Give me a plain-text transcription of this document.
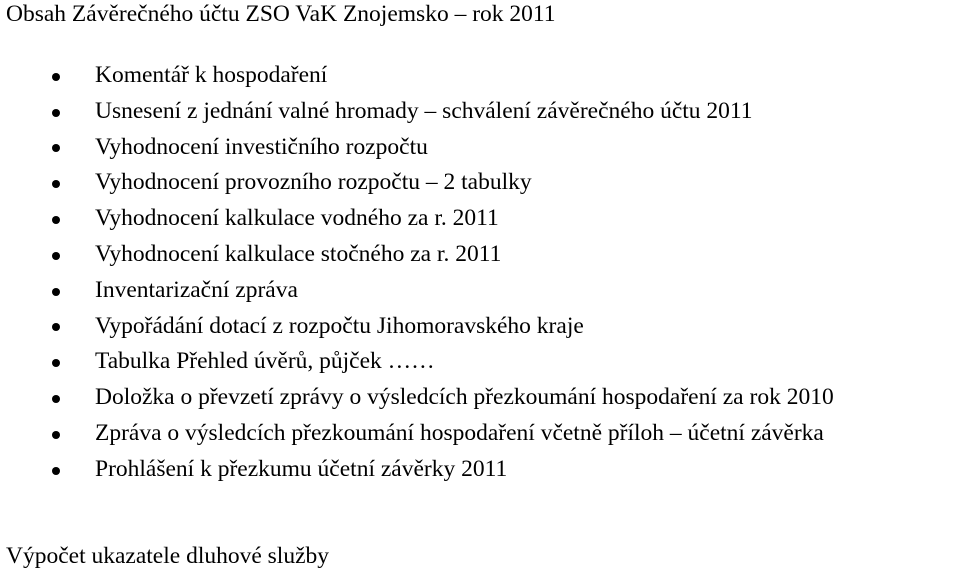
Obsah Závěrečného účtu ZSO VaK Znojemsko – rok 2011
Komentář k hospodaření
Usnesení z jednání valné hromady – schválení závěrečného účtu 2011
Vyhodnocení investičního rozpočtu
Vyhodnocení provozního rozpočtu – 2 tabulky
Vyhodnocení kalkulace vodného za r. 2011
Vyhodnocení kalkulace stočného za r. 2011
Inventarizační zpráva
Vypořádání dotací z rozpočtu Jihomoravského kraje
Tabulka Přehled úvěrů, půjček ……
Doložka o převzetí zprávy o výsledcích přezkoumání hospodaření za rok 2010
Zpráva o výsledcích přezkoumání hospodaření včetně příloh – účetní závěrka
Prohlášení k přezkumu účetní závěrky 2011
Výpočet ukazatele dluhové služby
